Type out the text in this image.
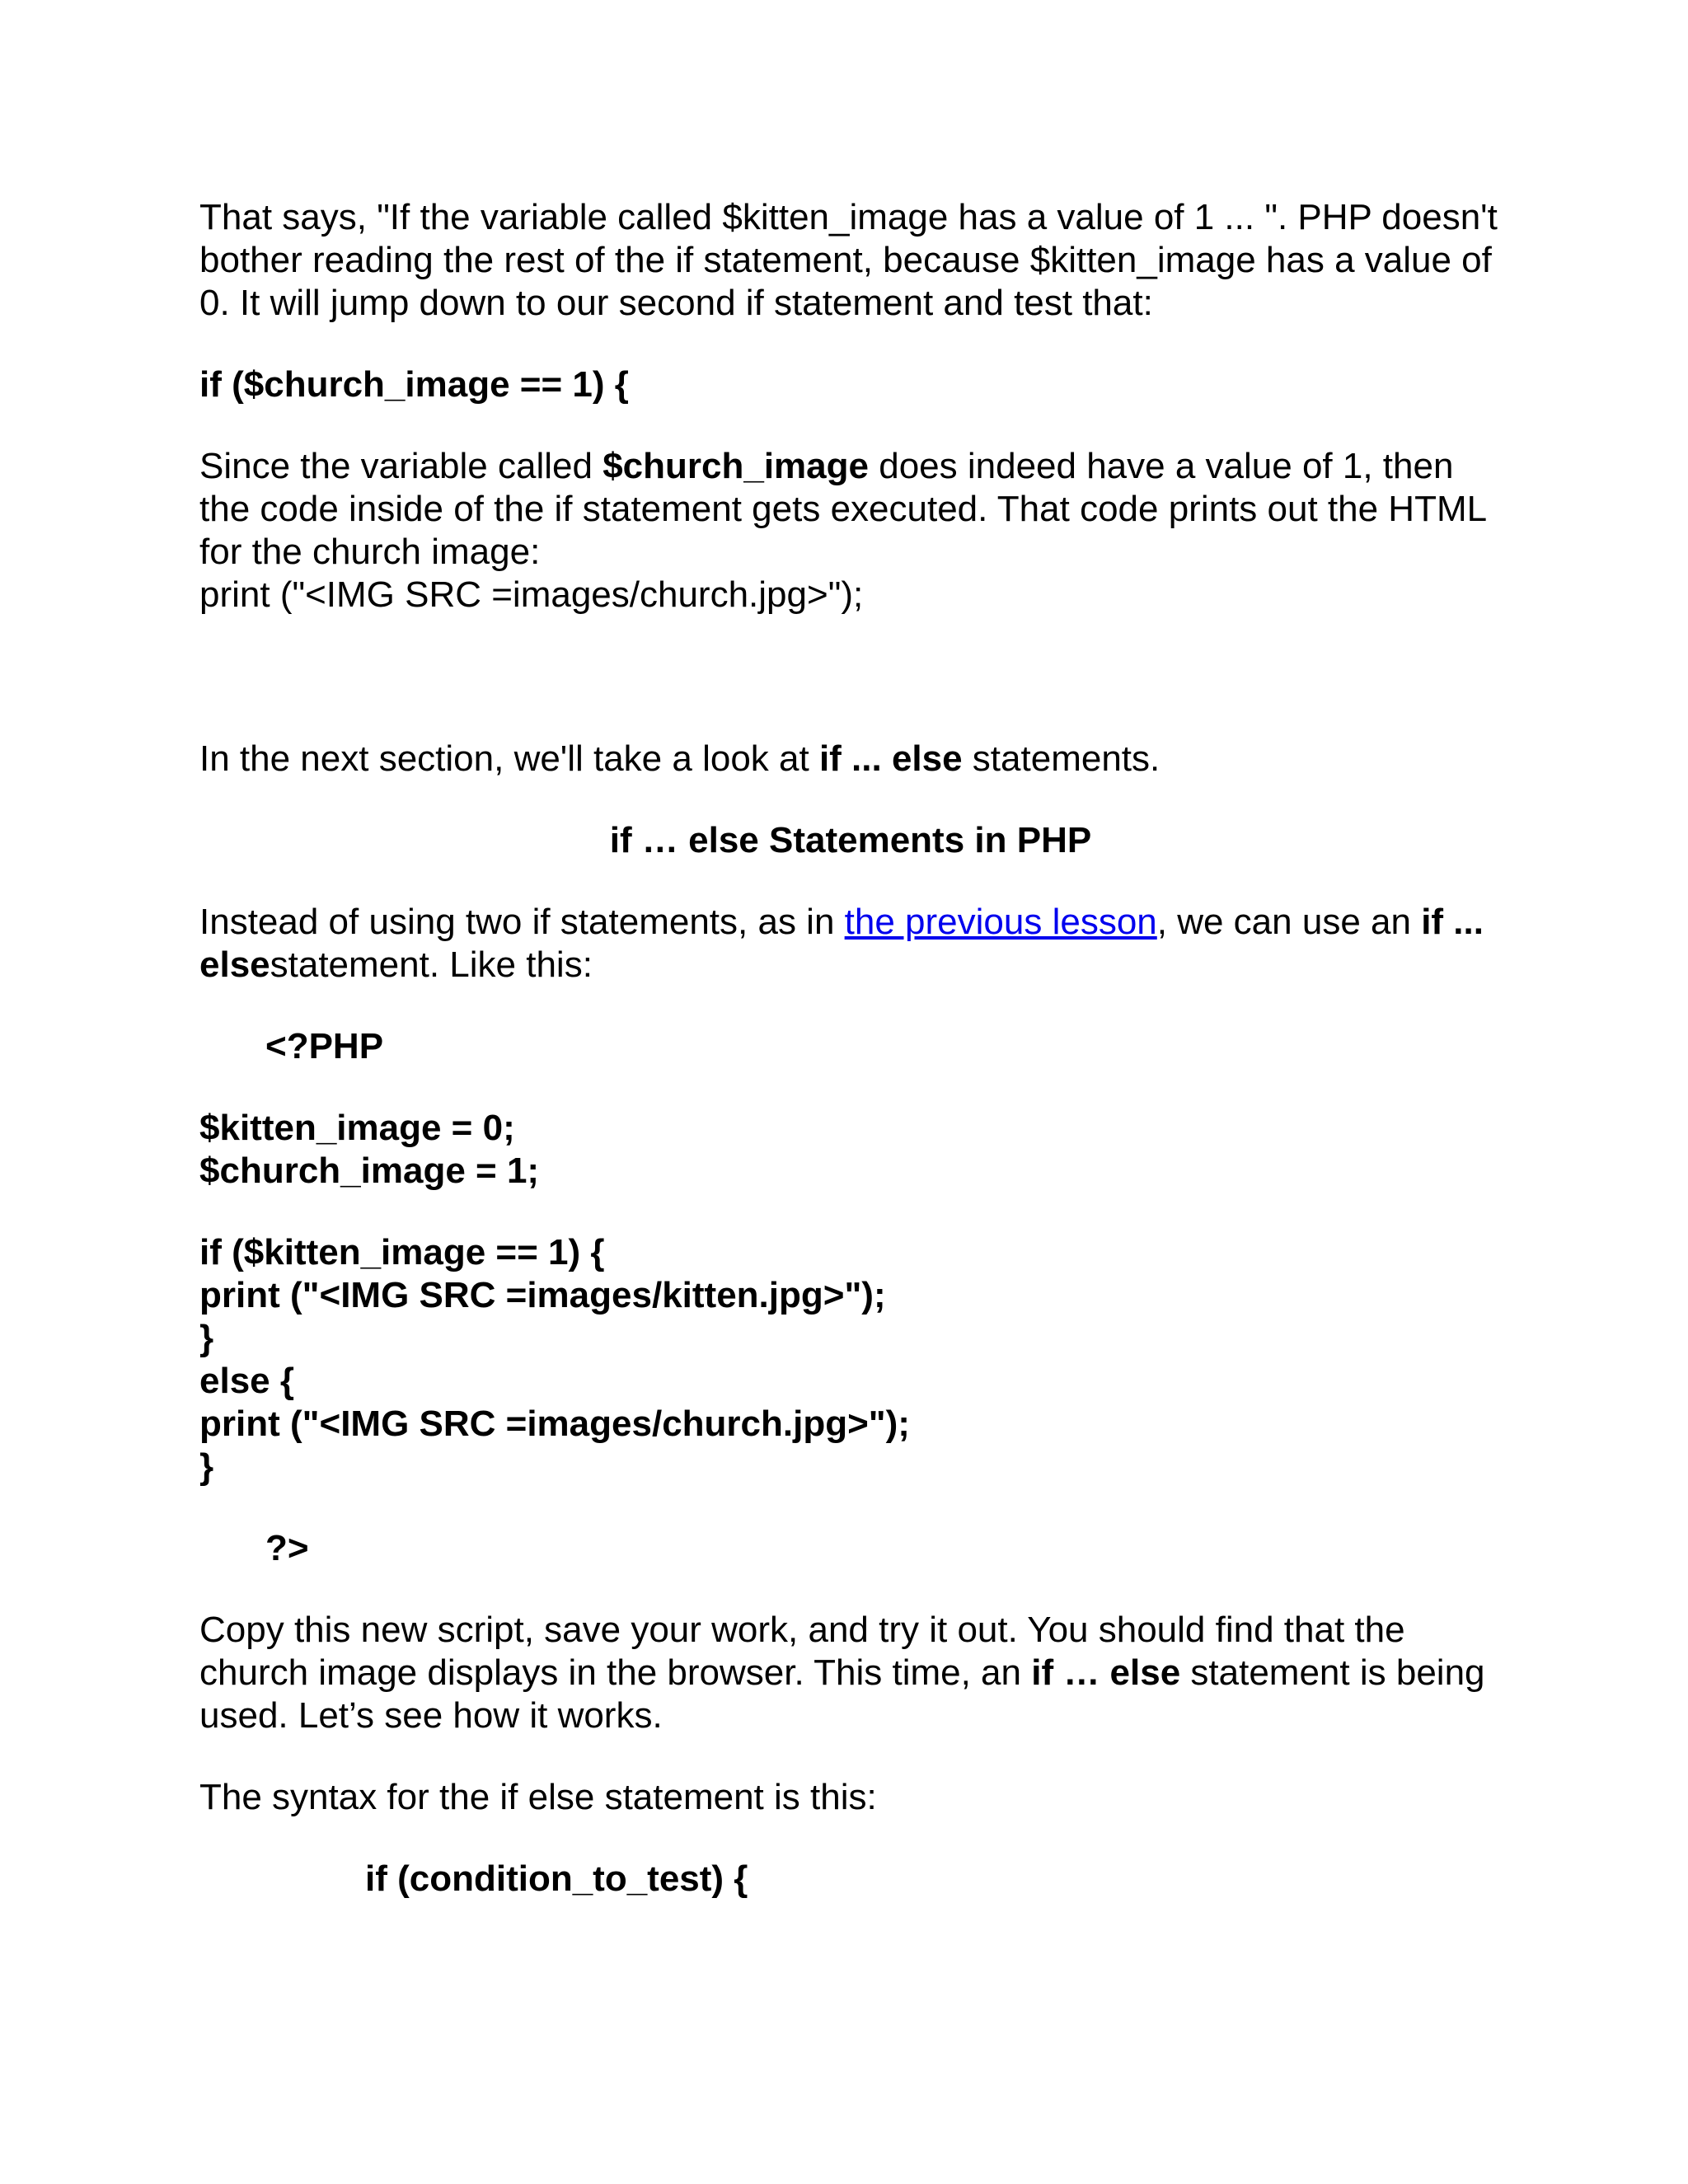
That says, "If the variable called $kitten_image has a value of 1 ... ". PHP doesn't bother reading the rest of the if statement, because $kitten_image has a value of 0. It will jump down to our second if statement and test that:

if ($church_image == 1) {

Since the variable called $church_image does indeed have a value of 1, then the code inside of the if statement gets executed. That code prints out the HTML for the church image:

print ("<IMG SRC =images/church.jpg>");

In the next section, we'll take a look at if ... else statements.

if … else Statements in PHP

Instead of using two if statements, as in the previous lesson, we can use an if ... elsestatement. Like this:

<?PHP

$kitten_image = 0;
$church_image = 1;
if ($kitten_image == 1) {
print ("<IMG SRC =images/kitten.jpg>");
}
else {
print ("<IMG SRC =images/church.jpg>");
}

?>

Copy this new script, save your work, and try it out. You should find that the church image displays in the browser. This time, an if … else statement is being used. Let’s see how it works.

The syntax for the if else statement is this:

if (condition_to_test) {
